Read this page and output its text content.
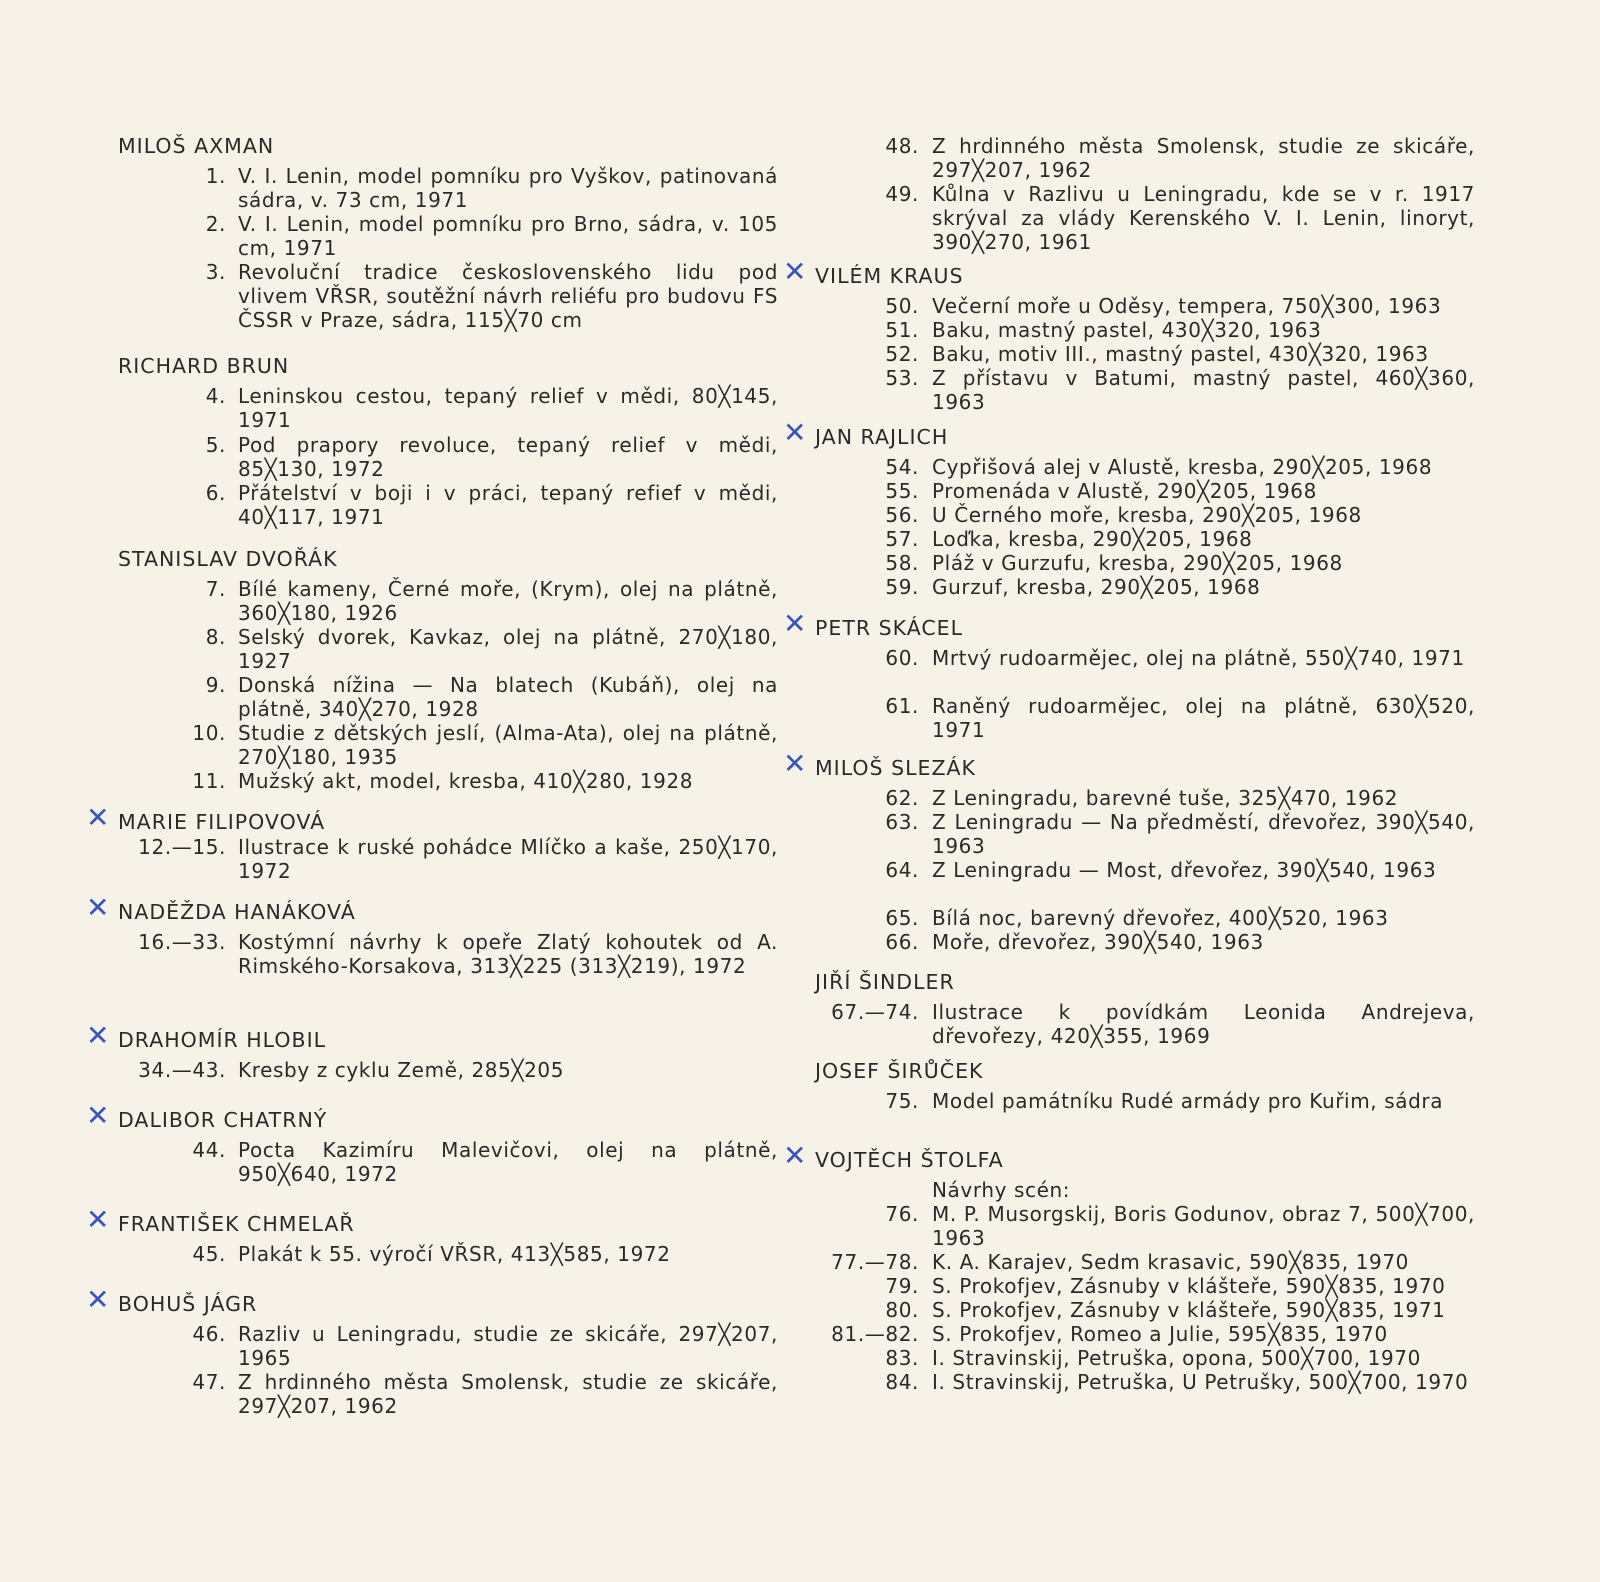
MILOŠ AXMAN
1. V. I. Lenin, model pomníku pro Vyškov, patinovaná sádra, v. 73 cm, 1971
2. V. I. Lenin, model pomníku pro Brno, sádra, v. 105 cm, 1971
3. Revoluční tradice československého lidu pod vlivem VŘSR, soutěžní návrh reliéfu pro budovu FS ČSSR v Praze, sádra, 115╳70 cm
RICHARD BRUN
4. Leninskou cestou, tepaný relief v mědi, 80╳145, 1971
5. Pod prapory revoluce, tepaný relief v mědi, 85╳130, 1972
6. Přátelství v boji i v práci, tepaný refief v mědi, 40╳117, 1971
STANISLAV DVOŘÁK
7. Bílé kameny, Černé moře, (Krym), olej na plátně, 360╳180, 1926
8. Selský dvorek, Kavkaz, olej na plátně, 270╳180, 1927
9. Donská nížina — Na blatech (Kubáň), olej na plátně, 340╳270, 1928
10. Studie z dětských jeslí, (Alma-Ata), olej na plátně, 270╳180, 1935
11. Mužský akt, model, kresba, 410╳280, 1928
✕ MARIE FILIPOVOVÁ
12.—15. Ilustrace k ruské pohádce Mlíčko a kaše, 250╳170, 1972
✕ NADĚŽDA HANÁKOVÁ
16.—33. Kostýmní návrhy k opeře Zlatý kohoutek od A. Rimského-Korsakova, 313╳225 (313╳219), 1972
✕ DRAHOMÍR HLOBIL
34.—43. Kresby z cyklu Země, 285╳205
✕ DALIBOR CHATRNÝ
44. Pocta Kazimíru Malevičovi, olej na plátně, 950╳640, 1972
✕ FRANTIŠEK CHMELAŘ
45. Plakát k 55. výročí VŘSR, 413╳585, 1972
✕ BOHUŠ JÁGR
46. Razliv u Leningradu, studie ze skicáře, 297╳207, 1965
47. Z hrdinného města Smolensk, studie ze skicáře, 297╳207, 1962
48. Z hrdinného města Smolensk, studie ze skicáře, 297╳207, 1962
49. Kůlna v Razlivu u Leningradu, kde se v r. 1917 skrýval za vlády Kerenského V. I. Lenin, linoryt, 390╳270, 1961
✕ VILÉM KRAUS
50. Večerní moře u Oděsy, tempera, 750╳300, 1963
51. Baku, mastný pastel, 430╳320, 1963
52. Baku, motiv III., mastný pastel, 430╳320, 1963
53. Z přístavu v Batumi, mastný pastel, 460╳360, 1963
✕ JAN RAJLICH
54. Cypřišová alej v Alustě, kresba, 290╳205, 1968
55. Promenáda v Alustě, 290╳205, 1968
56. U Černého moře, kresba, 290╳205, 1968
57. Loďka, kresba, 290╳205, 1968
58. Pláž v Gurzufu, kresba, 290╳205, 1968
59. Gurzuf, kresba, 290╳205, 1968
✕ PETR SKÁCEL
60. Mrtvý rudoarmějec, olej na plátně, 550╳740, 1971
61. Raněný rudoarmějec, olej na plátně, 630╳520, 1971
✕ MILOŠ SLEZÁK
62. Z Leningradu, barevné tuše, 325╳470, 1962
63. Z Leningradu — Na předměstí, dřevořez, 390╳540, 1963
64. Z Leningradu — Most, dřevořez, 390╳540, 1963
65. Bílá noc, barevný dřevořez, 400╳520, 1963
66. Moře, dřevořez, 390╳540, 1963
JIŘÍ ŠINDLER
67.—74. Ilustrace k povídkám Leonida Andrejeva, dřevořezy, 420╳355, 1969
JOSEF ŠIRŮČEK
75. Model památníku Rudé armády pro Kuřim, sádra
✕ VOJTĚCH ŠTOLFA
Návrhy scén:
76. M. P. Musorgskij, Boris Godunov, obraz 7, 500╳700, 1963
77.—78. K. A. Karajev, Sedm krasavic, 590╳835, 1970
79. S. Prokofjev, Zásnuby v klášteře, 590╳835, 1970
80. S. Prokofjev, Zásnuby v klášteře, 590╳835, 1971
81.—82. S. Prokofjev, Romeo a Julie, 595╳835, 1970
83. I. Stravinskij, Petruška, opona, 500╳700, 1970
84. I. Stravinskij, Petruška, U Petrušky, 500╳700, 1970
